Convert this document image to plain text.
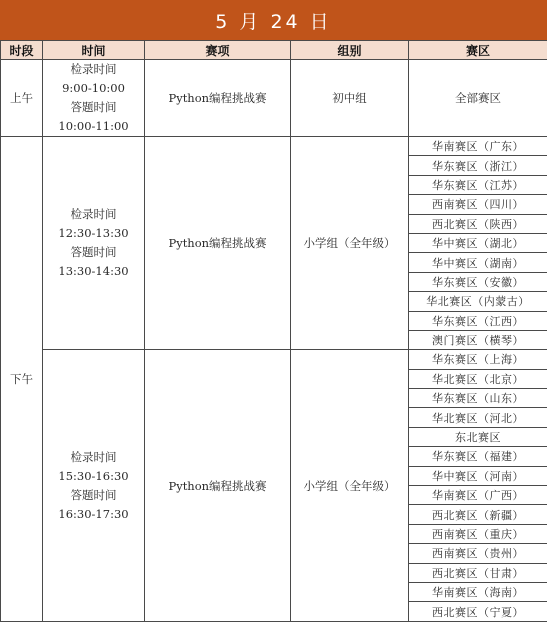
5 月 24 日
时段	时间	赛项	组别	赛区
上午	检录时间
9:00-10:00
答题时间
10:00-11:00	Python编程挑战赛	初中组	全部赛区
下午	检录时间
12:30-13:30
答题时间
13:30-14:30	Python编程挑战赛	小学组（全年级）	华南赛区（广东）
				华东赛区（浙江）
				华东赛区（江苏）
				西南赛区（四川）
				西北赛区（陕西）
				华中赛区（湖北）
				华中赛区（湖南）
				华东赛区（安徽）
				华北赛区（内蒙古）
				华东赛区（江西）
				澳门赛区（横琴）

	检录时间
15:30-16:30
答题时间
16:30-17:30	Python编程挑战赛	小学组（全年级）	华东赛区（上海）
				华北赛区（北京）
				华东赛区（山东）
				华北赛区（河北）
				东北赛区
				华东赛区（福建）
				华中赛区（河南）
				华南赛区（广西）
				西北赛区（新疆）
				西南赛区（重庆）
				西南赛区（贵州）
				西北赛区（甘肃）
				华南赛区（海南）
				西北赛区（宁夏）
